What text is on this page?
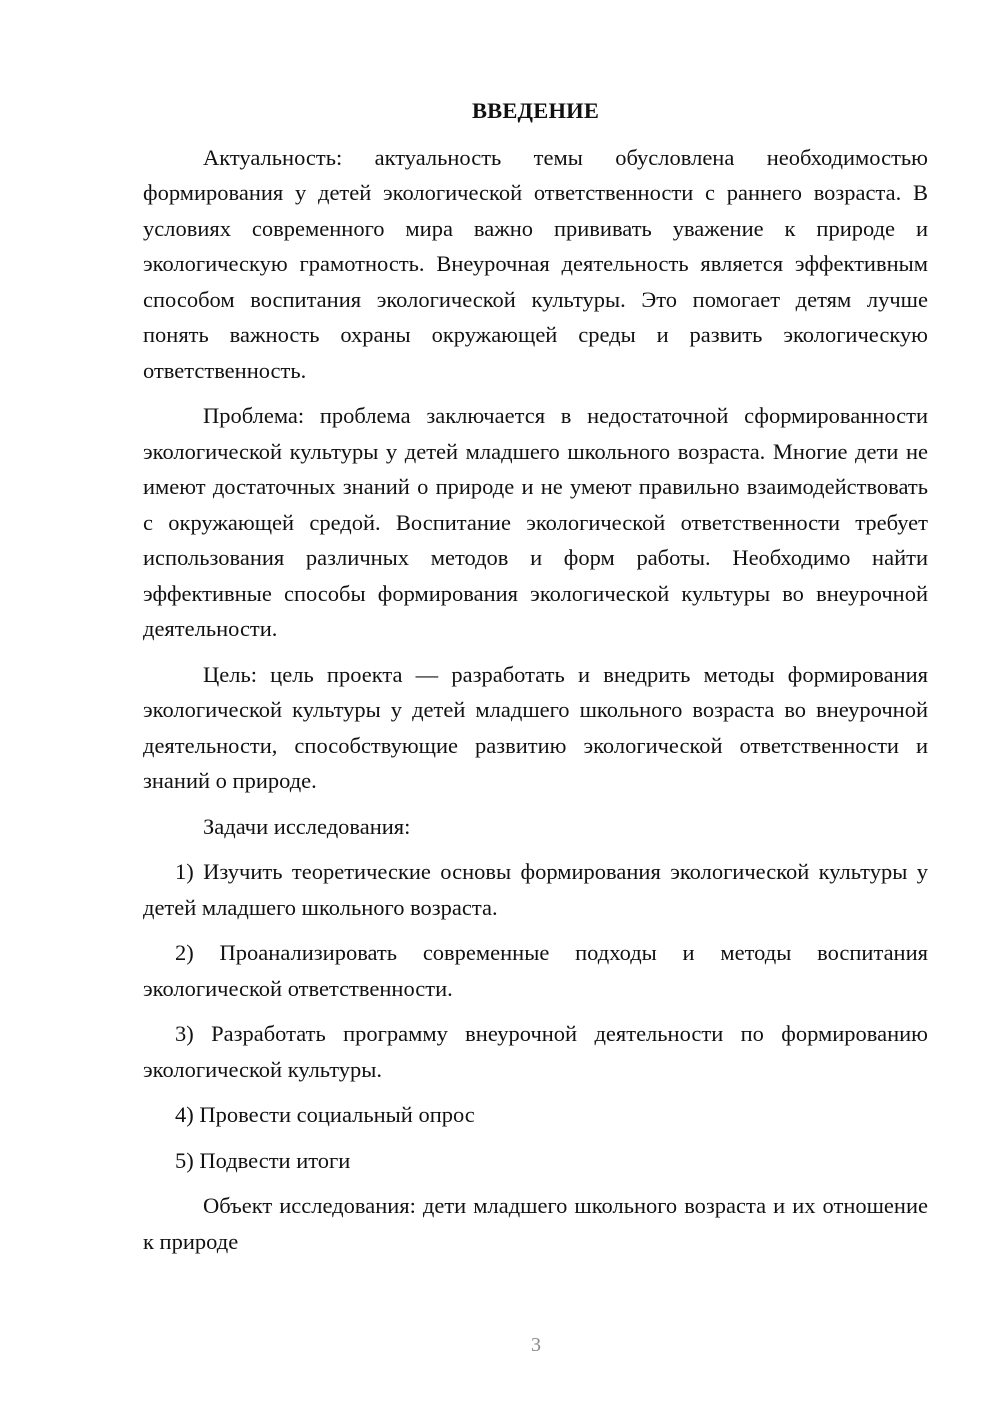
ВВЕДЕНИЕ

Актуальность: актуальность темы обусловлена необходимостью формирования у детей экологической ответственности с раннего возраста. В условиях современного мира важно прививать уважение к природе и экологическую грамотность. Внеурочная деятельность является эффективным способом воспитания экологической культуры. Это помогает детям лучше понять важность охраны окружающей среды и развить экологическую ответственность.

Проблема: проблема заключается в недостаточной сформированности экологической культуры у детей младшего школьного возраста. Многие дети не имеют достаточных знаний о природе и не умеют правильно взаимодействовать с окружающей средой. Воспитание экологической ответственности требует использования различных методов и форм работы. Необходимо найти эффективные способы формирования экологической культуры во внеурочной деятельности.

Цель: цель проекта — разработать и внедрить методы формирования экологической культуры у детей младшего школьного возраста во внеурочной деятельности, способствующие развитию экологической ответственности и знаний о природе.

Задачи исследования:

1) Изучить теоретические основы формирования экологической культуры у детей младшего школьного возраста.

2) Проанализировать современные подходы и методы воспитания экологической ответственности.

3) Разработать программу внеурочной деятельности по формированию экологической культуры.

4) Провести социальный опрос

5) Подвести итоги

Объект исследования: дети младшего школьного возраста и их отношение к природе

3
